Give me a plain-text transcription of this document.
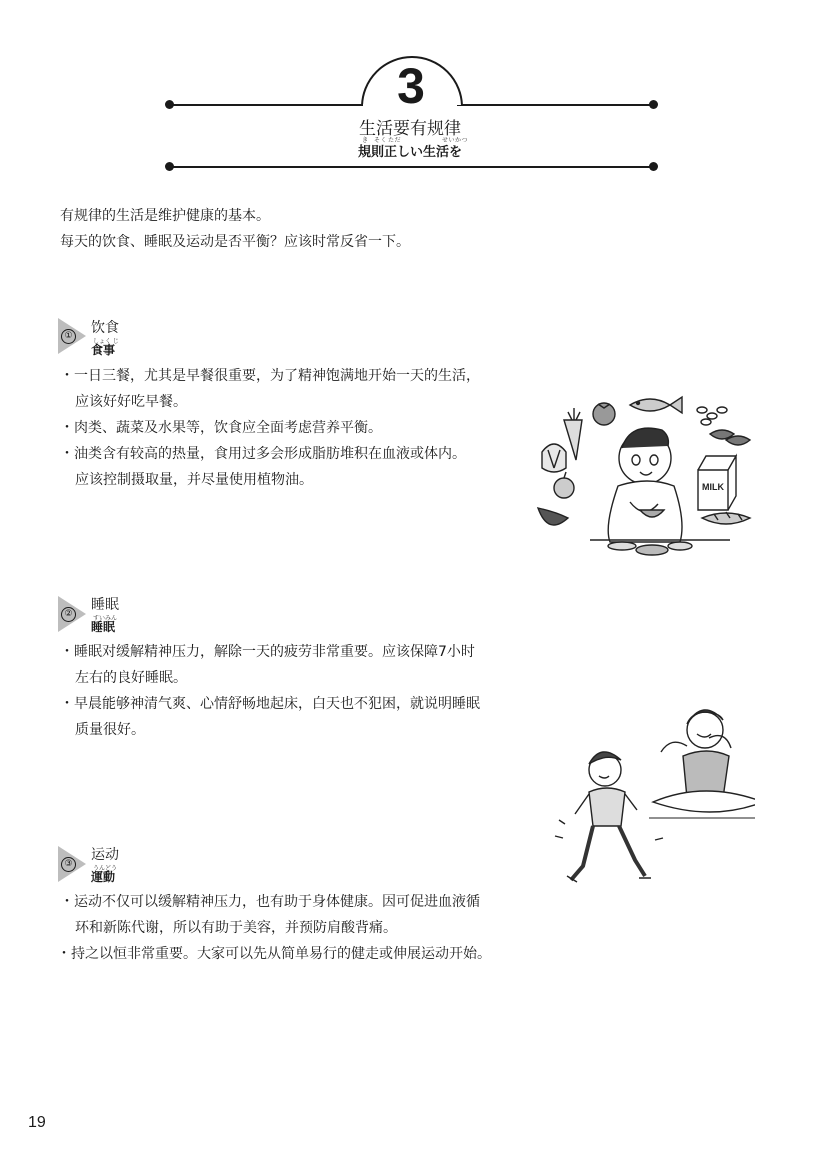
3
生活要有规律
き そく ただ	せいかつ
規則正しい生活を
有规律的生活是维护健康的基本。
每天的饮食、睡眠及运动是否平衡？应该时常反省一下。
① 饮食
しょく じ
食事
・一日三餐，尤其是早餐很重要，为了精神饱满地开始一天的生活，
应该好好吃早餐。
・肉类、蔬菜及水果等，饮食应全面考虑营养平衡。
・油类含有较高的热量，食用过多会形成脂肪堆积在血液或体内。
应该控制摄取量，并尽量使用植物油。	MILK
②
睡眠
すいみん
睡眠
・睡眠对缓解精神压力，解除一天的疲劳非常重要。应该保障7小时
左右的良好睡眠。
・早晨能够神清气爽、心情舒畅地起床，白天也不犯困，就说明睡眠
质量很好。
③
运动
うんどう
運動
・运动不仅可以缓解精神压力，也有助于身体健康。因可促进血液循
环和新陈代谢，所以有助于美容，并预防肩酸背痛。
・持之以恒非常重要。大家可以先从简单易行的健走或伸展运动开始。
19
